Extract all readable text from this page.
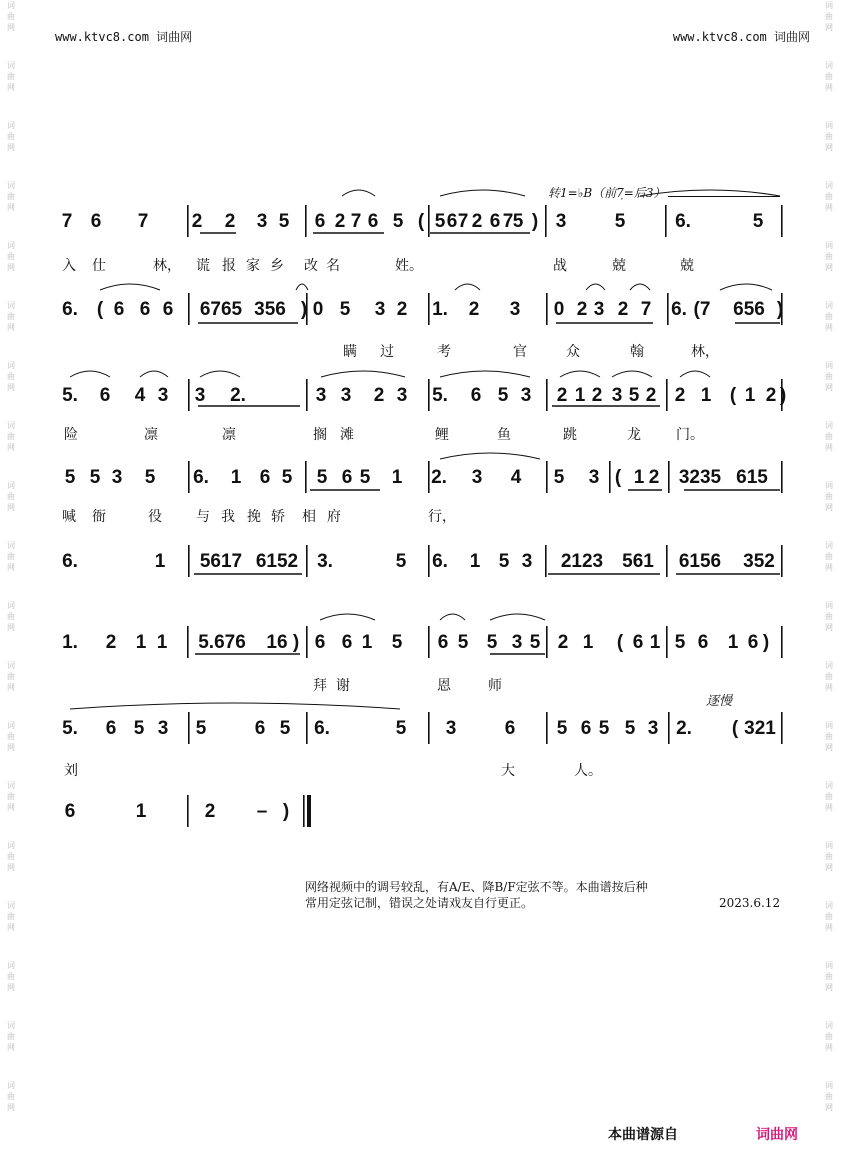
www.ktvc8.com 词曲网	www.ktvc8.com 词曲网
词
曲
网
词
曲
网
词
曲
网
词
曲
网
词
曲
网
词
曲
网
词
曲
网
词
曲
网
词
曲
网
词
曲
网
词
曲
网
词
曲
网
词
曲
网
词
曲
网
词
曲
网
词
曲
网
词
曲
网
词
曲
网
词
曲
网
词
曲
网
词
曲
网
词
曲
网
词
曲
网
词
曲
网
词
曲
网
词
曲
网
词
曲
网
词
曲
网
词
曲
网
词
曲
网
词
曲
网
词
曲
网
词
曲
网
词
曲
网
词
曲
网
词
曲
网
词
曲
网
词
曲
网
7 6 7 2 2 3 5 6 2 7 6 5 ( 5 6 7 2 6 7 5 ) 3	5	6.	5
入 仕	林， 谎 报 家 乡 改 名	姓。	战	兢	兢
6. ( 6 6 6 6765 356 ) 0 5 3 2 1. 2 3 0 2 3 2 7 6. (7 656 )
瞒 过	考	官	众	翰	林，
5. 6 4 3 3 2.	3 3 2 3 5. 6 5 3 2 1 2 3 5 2 2 1 ( 1 2 )
险	凛	凛	搁 滩	鲤	鱼	跳	龙	门。
5 5 3 5 6. 1 6 5 5 6 5 1 2. 3 4 5 3 ( 1 2 3235 615
喊 衙	役 与 我 挽 轿 相 府	行，
6.	1 5617 6152 3.	5 6. 1 5 3 2123 561 6156 352
1. 2 1 1 5.676 16 ) 6 6 1 5 6 5 5 3 5 2 1 ( 6 1 5 6 1 6 )
拜 谢	恩	师
5. 6 5 3 5	6 5 6.	5 3	6 5 6 5 5 3 2. ( 321
刘	大	人。
6	1	2 – )
转1=♭B（前7̣=后3）
逐慢
网络视频中的调号较乱，有A/E、降B/F定弦不等。本曲谱按后种
常用定弦记制，错误之处请戏友自行更正。	2023.6.12
本曲谱源自	词曲网
